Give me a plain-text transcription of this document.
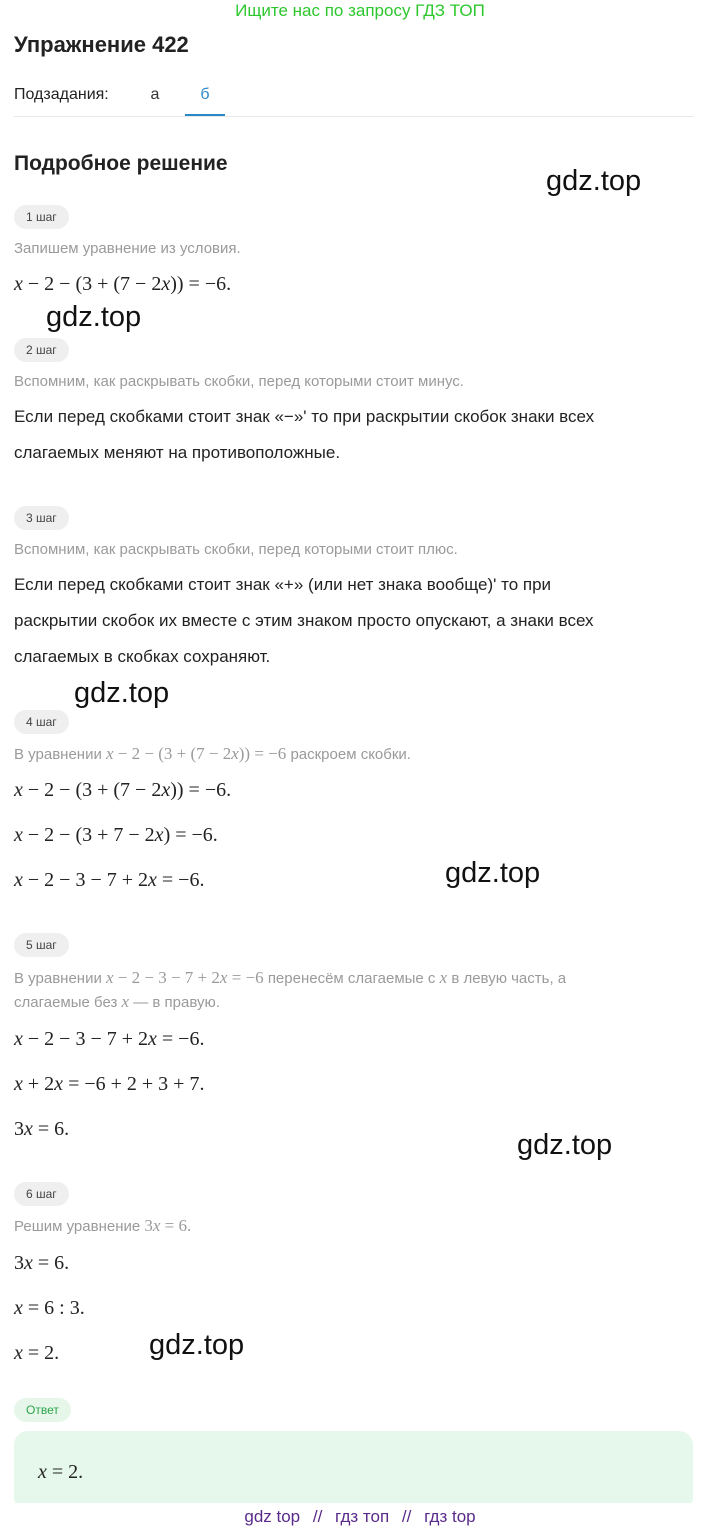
Ищите нас по запросу ГДЗ ТОП
Упражнение 422
Подзадания:	а	б
Подробное решение
1 шаг
Запишем уравнение из условия.
x − 2 − (3 + (7 − 2x)) = −6.
2 шаг
Вспомним, как раскрывать скобки, перед которыми стоит минус.
Если перед скобками стоит знак «−»' то при раскрытии скобок знаки всех
слагаемых меняют на противоположные.
3 шаг
Вспомним, как раскрывать скобки, перед которыми стоит плюс.
Если перед скобками стоит знак «+» (или нет знака вообще)' то при
раскрытии скобок их вместе с этим знаком просто опускают, а знаки всех
слагаемых в скобках сохраняют.
4 шаг
В уравнении x − 2 − (3 + (7 − 2x)) = −6 раскроем скобки.
x − 2 − (3 + (7 − 2x)) = −6.
x − 2 − (3 + 7 − 2x) = −6.
x − 2 − 3 − 7 + 2x = −6.
5 шаг
В уравнении x − 2 − 3 − 7 + 2x = −6 перенесём слагаемые с x в левую часть, а
слагаемые без x — в правую.
x − 2 − 3 − 7 + 2x = −6.
x + 2x = −6 + 2 + 3 + 7.
3x = 6.
6 шаг
Решим уравнение 3x = 6.
3x = 6.
x = 6 : 3.
x = 2.
Ответ
x = 2.
gdz.top
gdz.top
gdz.top
gdz.top
gdz.top
gdz.top
gdz top // гдз топ // гдз top
